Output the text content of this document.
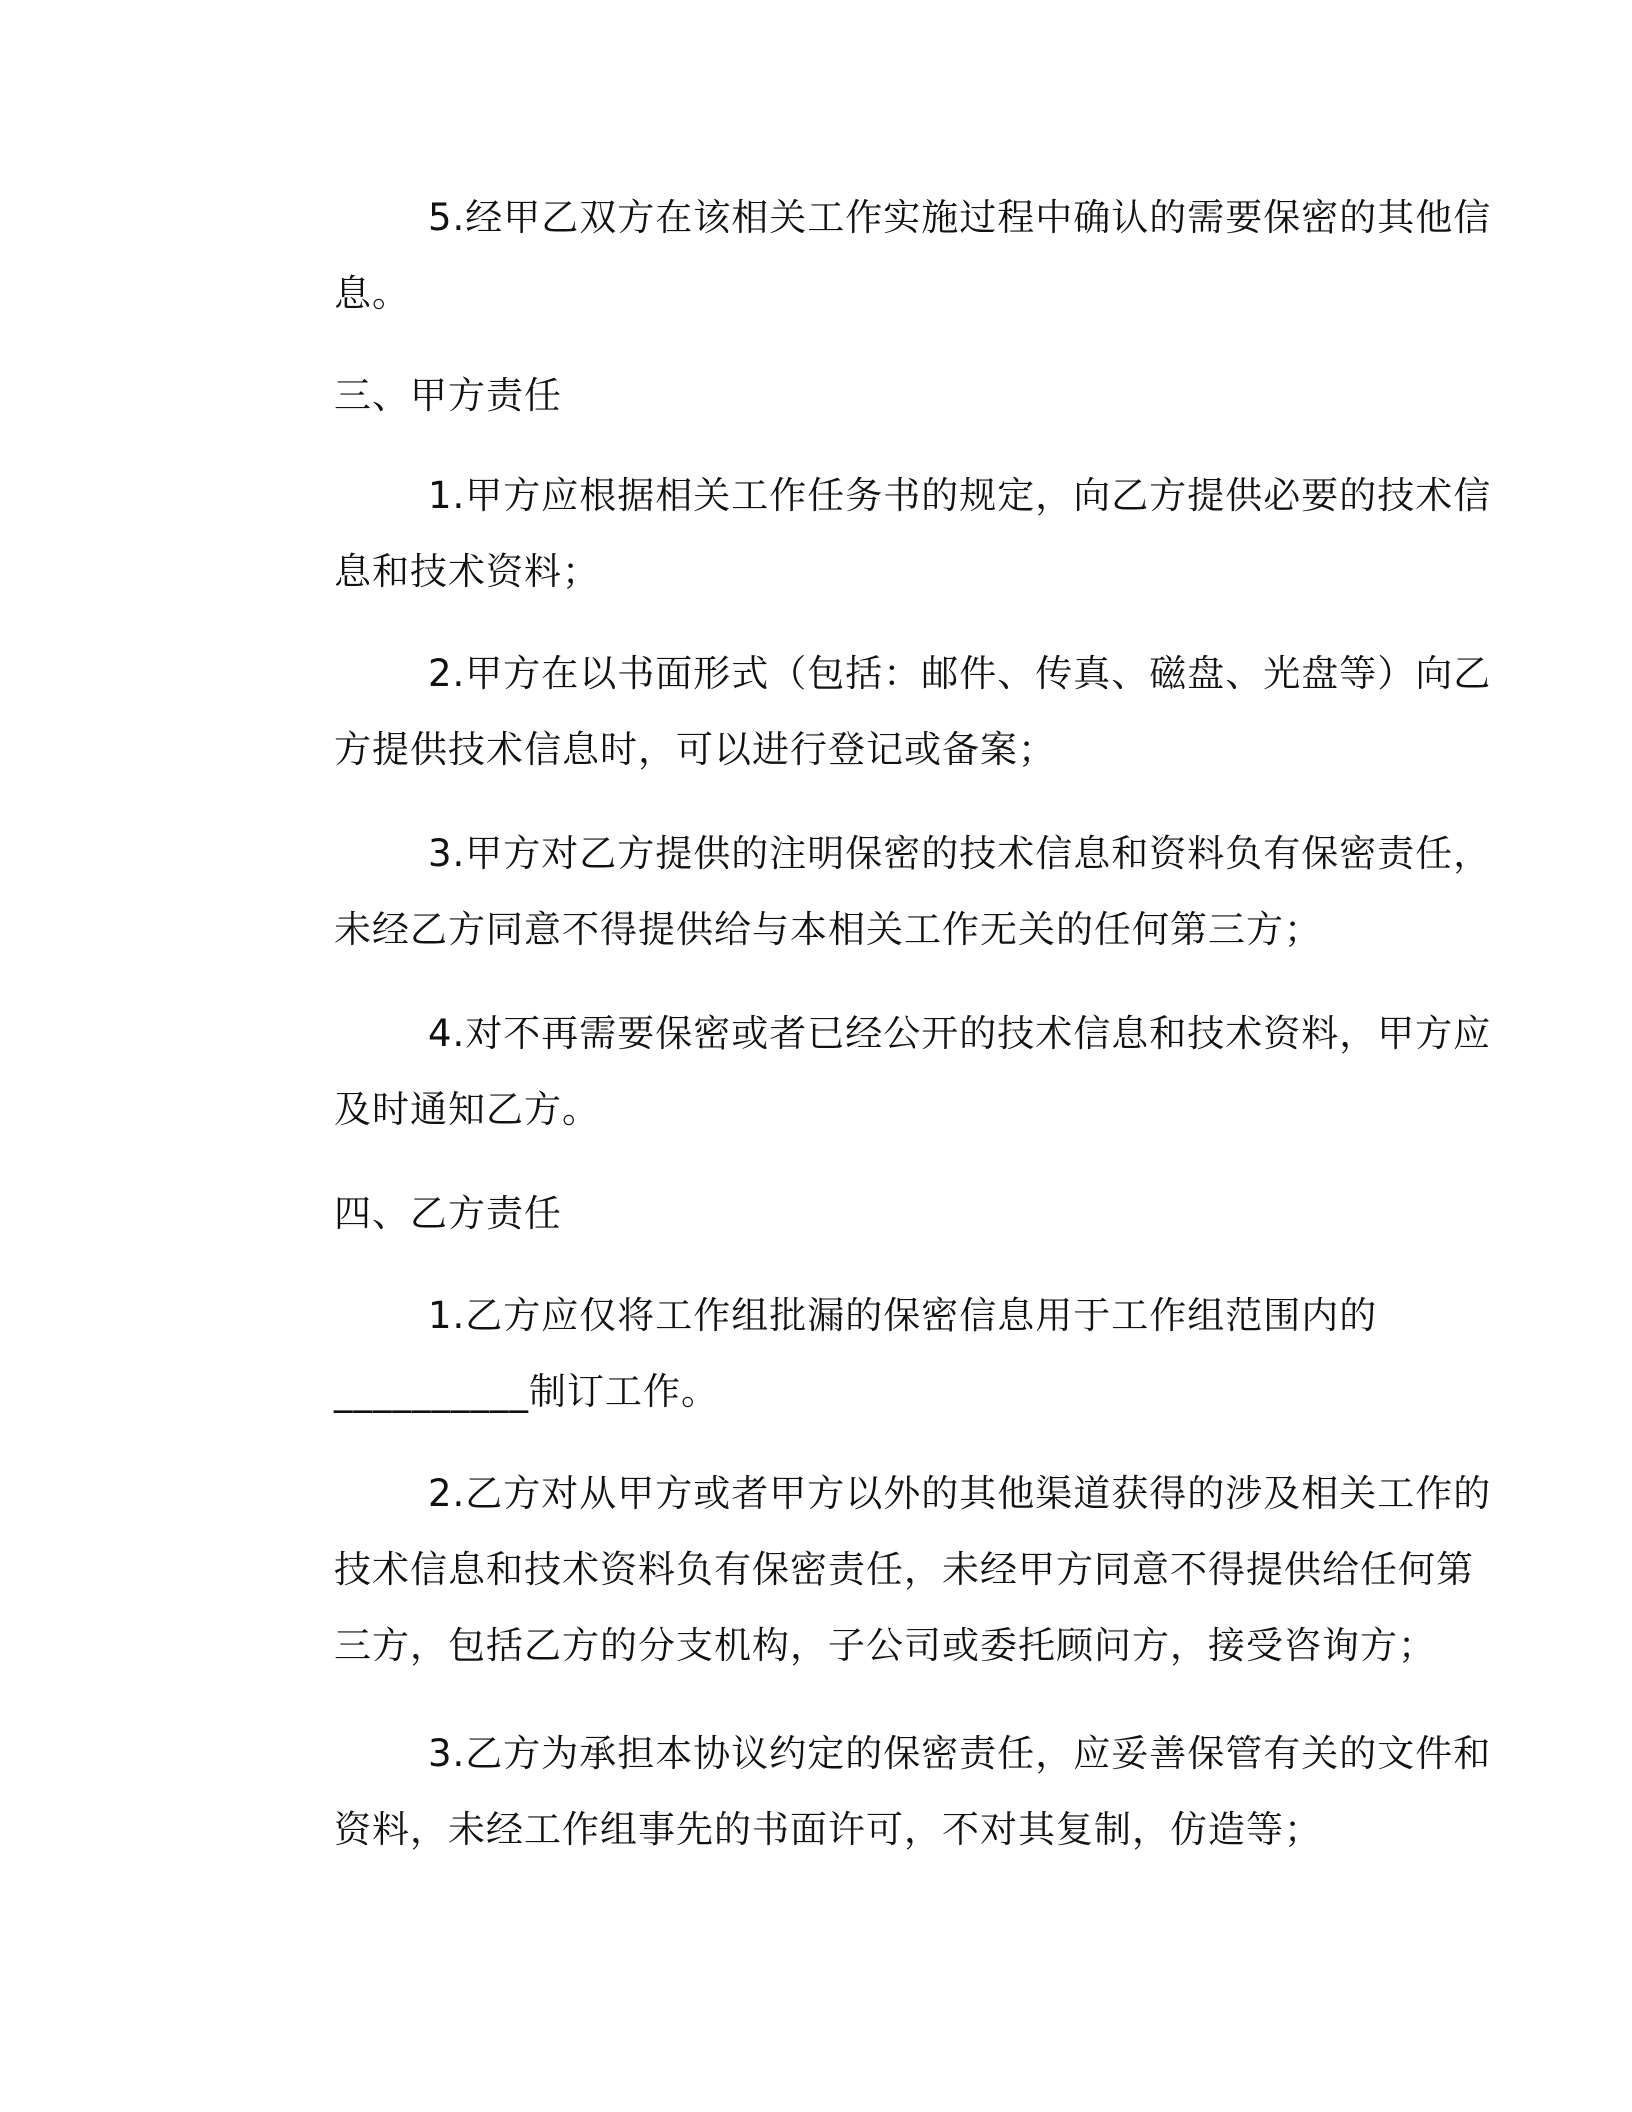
5.经甲乙双方在该相关工作实施过程中确认的需要保密的其他信
息。
三、甲方责任
1.甲方应根据相关工作任务书的规定，向乙方提供必要的技术信
息和技术资料；
2.甲方在以书面形式（包括：邮件、传真、磁盘、光盘等）向乙
方提供技术信息时，可以进行登记或备案；
3.甲方对乙方提供的注明保密的技术信息和资料负有保密责任，
未经乙方同意不得提供给与本相关工作无关的任何第三方；
4.对不再需要保密或者已经公开的技术信息和技术资料，甲方应
及时通知乙方。
四、乙方责任
1.乙方应仅将工作组批漏的保密信息用于工作组范围内的
__________制订工作。
2.乙方对从甲方或者甲方以外的其他渠道获得的涉及相关工作的
技术信息和技术资料负有保密责任，未经甲方同意不得提供给任何第
三方，包括乙方的分支机构，子公司或委托顾问方，接受咨询方；
3.乙方为承担本协议约定的保密责任，应妥善保管有关的文件和
资料，未经工作组事先的书面许可，不对其复制，仿造等；
